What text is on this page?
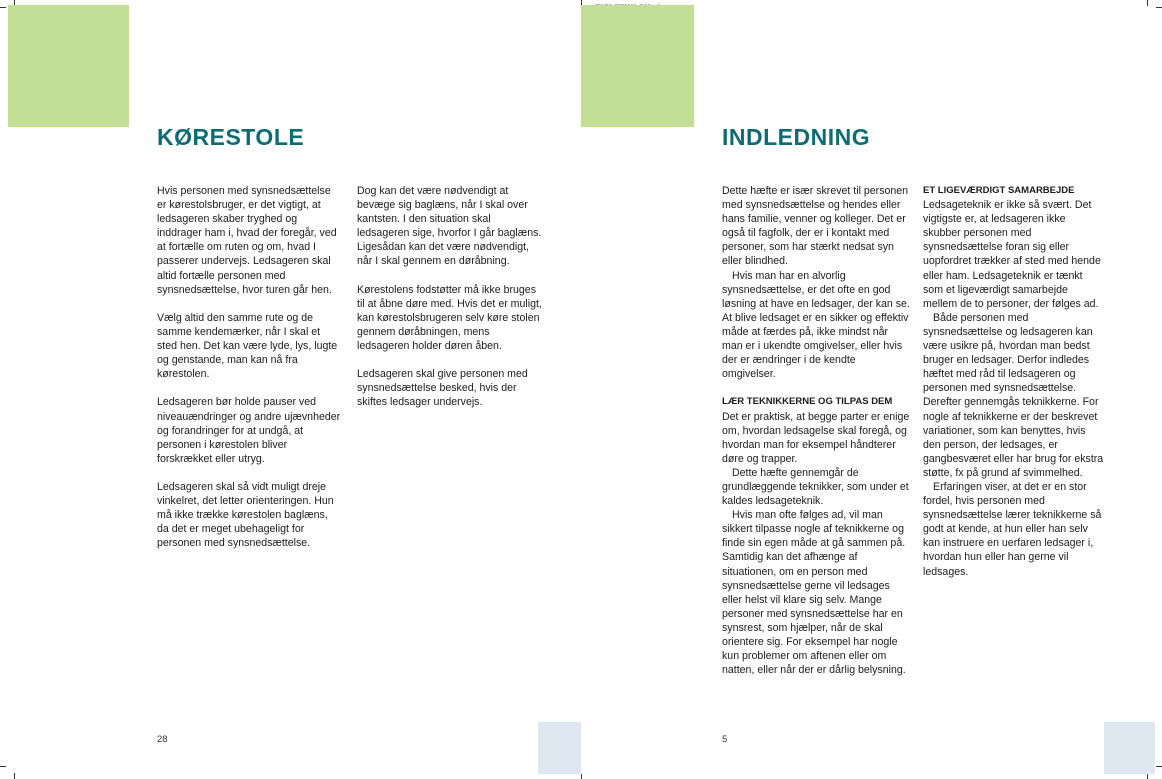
KØRESTOLE

Hvis personen med synsnedsættelse er kørestolsbruger, er det vigtigt, at ledsageren skaber tryghed og inddrager ham i, hvad der foregår, ved at fortælle om ruten og om, hvad I passerer undervejs. Ledsageren skal altid fortælle personen med synsnedsættelse, hvor turen går hen.

Vælg altid den samme rute og de samme kendemærker, når I skal et sted hen. Det kan være lyde, lys, lugte og genstande, man kan nå fra kørestolen.

Ledsageren bør holde pauser ved niveauændringer og andre ujævnheder og forandringer for at undgå, at personen i kørestolen bliver forskrækket eller utryg.

Ledsageren skal så vidt muligt dreje vinkelret, det letter orienteringen. Hun må ikke trække kørestolen baglæns, da det er meget ubehageligt for personen med synsnedsættelse.

Dog kan det være nødvendigt at bevæge sig baglæns, når I skal over kantsten. I den situation skal ledsageren sige, hvorfor I går baglæns. Ligesådan kan det være nødvendigt, når I skal gennem en døråbning.

Kørestolens fodstøtter må ikke bruges til at åbne døre med. Hvis det er muligt, kan kørestolsbrugeren selv køre stolen gennem døråbningen, mens ledsageren holder døren åben.

Ledsageren skal give personen med synsnedsættelse besked, hvis der skiftes ledsager undervejs.

28
INDLEDNING

Dette hæfte er især skrevet til personen med synsnedsættelse og hendes eller hans familie, venner og kolleger. Det er også til fagfolk, der er i kontakt med personer, som har stærkt nedsat syn eller blindhed.

Hvis man har en alvorlig synsnedsættelse, er det ofte en god løsning at have en ledsager, der kan se. At blive ledsaget er en sikker og effektiv måde at færdes på, ikke mindst når man er i ukendte omgivelser, eller hvis der er ændringer i de kendte omgivelser.

LÆR TEKNIKKERNE OG TILPAS DEM

Det er praktisk, at begge parter er enige om, hvordan ledsagelse skal foregå, og hvordan man for eksempel håndterer døre og trapper.

Dette hæfte gennemgår de grundlæggende teknikker, som under et kaldes ledsageteknik.

Hvis man ofte følges ad, vil man sikkert tilpasse nogle af teknikkerne og finde sin egen måde at gå sammen på. Samtidig kan det afhænge af situationen, om en person med synsnedsættelse gerne vil ledsages eller helst vil klare sig selv. Mange personer med synsnedsættelse har en synsrest, som hjælper, når de skal orientere sig. For eksempel har nogle kun problemer om aftenen eller om natten, eller når der er dårlig belysning.

ET LIGEVÆRDIGT SAMARBEJDE

Ledsageteknik er ikke så svært. Det vigtigste er, at ledsageren ikke skubber personen med synsnedsættelse foran sig eller uopfordret trækker af sted med hende eller ham. Ledsageteknik er tænkt som et ligeværdigt samarbejde mellem de to personer, der følges ad.

Både personen med synsnedsættelse og ledsageren kan være usikre på, hvordan man bedst bruger en ledsager. Derfor indledes hæftet med råd til ledsageren og personen med synsnedsættelse. Derefter gennemgås teknikkerne. For nogle af teknikkerne er der beskrevet variationer, som kan benyttes, hvis den person, der ledsages, er gangbesværet eller har brug for ekstra støtte, fx på grund af svimmelhed.

Erfaringen viser, at det er en stor fordel, hvis personen med synsnedsættelse lærer teknikkerne så godt at kende, at hun eller han selv kan instruere en uerfaren ledsager i, hvordan hun eller han gerne vil ledsages.

5
